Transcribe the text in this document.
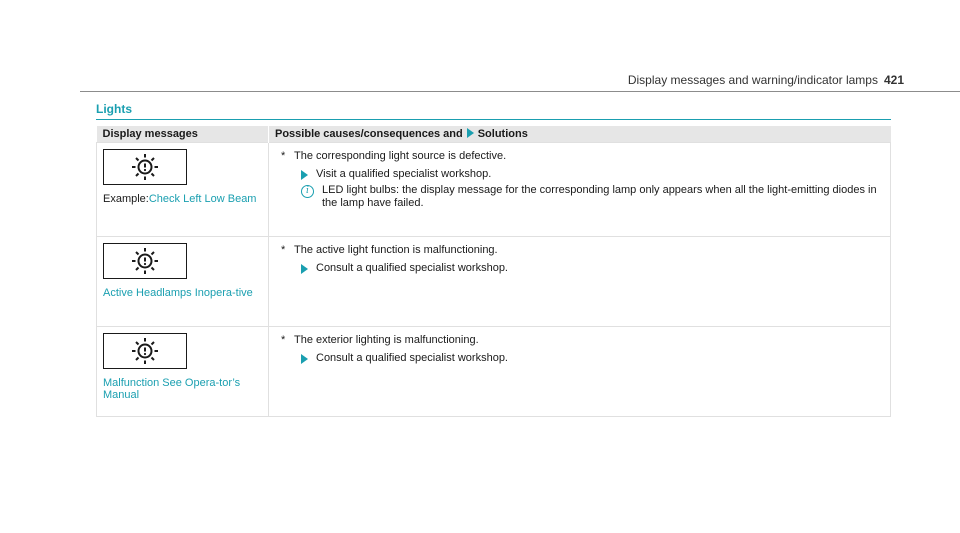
Display messages and warning/indicator lamps 421
Lights
Display messages	Possible causes/consequences and Solutions

Example:Check Left Low Beam	* The corresponding light source is defective.
Visit a qualified specialist workshop.
i LED light bulbs: the display message for the corresponding lamp only appears when all the light-emitting diodes in the lamp have failed.

Active Headlamps Inopera-tive	* The active light function is malfunctioning.
Consult a qualified specialist workshop.

Malfunction See Opera-tor’s Manual	* The exterior lighting is malfunctioning.
Consult a qualified specialist workshop.
